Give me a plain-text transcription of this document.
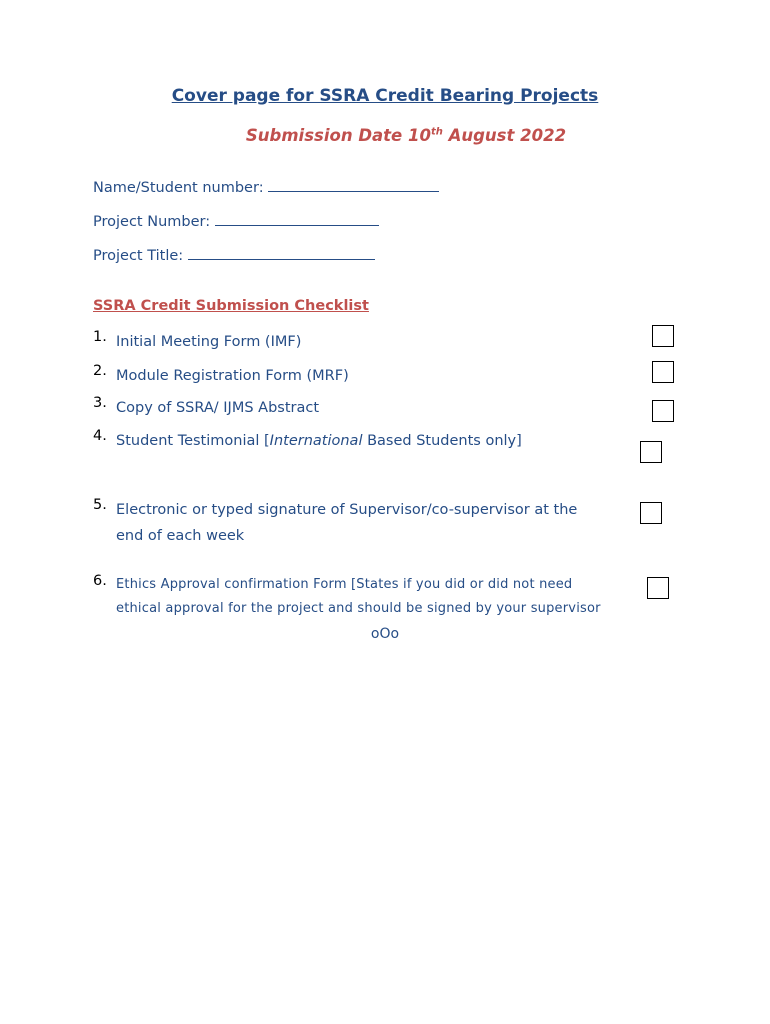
Cover page for SSRA Credit Bearing Projects
Submission Date 10th August 2022
Name/Student number:
Project Number:
Project Title:
SSRA Credit Submission Checklist
1. Initial Meeting Form (IMF)
2. Module Registration Form (MRF)
3. Copy of SSRA/ IJMS Abstract
4. Student Testimonial [International Based Students only]
5. Electronic or typed signature of Supervisor/co-supervisor at the
end of each week
6. Ethics Approval confirmation Form [States if you did or did not need
ethical approval for the project and should be signed by your supervisor
oOo
